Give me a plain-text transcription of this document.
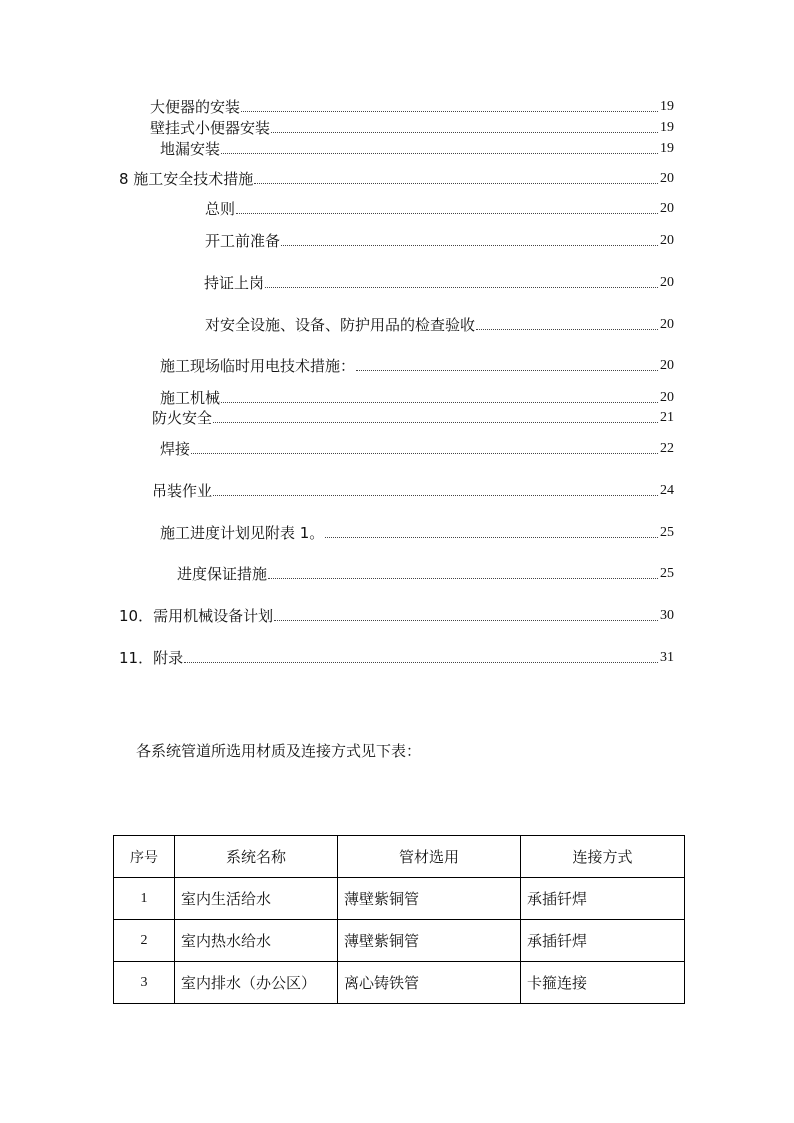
大便器的安装	19
壁挂式小便器安装	19
地漏安装	19
8 施工安全技术措施	20
总则	20
开工前准备	20
持证上岗	20
对安全设施、设备、防护用品的检查验收	20
施工现场临时用电技术措施：	20
施工机械	20
防火安全	21
焊接	22
吊装作业	24
施工进度计划见附表 1。	25
进度保证措施	25
10．需用机械设备计划	30
11．附录	31
各系统管道所选用材质及连接方式见下表：
序号	系统名称	管材选用	连接方式
1	室内生活给水	薄壁紫铜管	承插钎焊
2	室内热水给水	薄壁紫铜管	承插钎焊
3	室内排水（办公区）	离心铸铁管	卡箍连接
